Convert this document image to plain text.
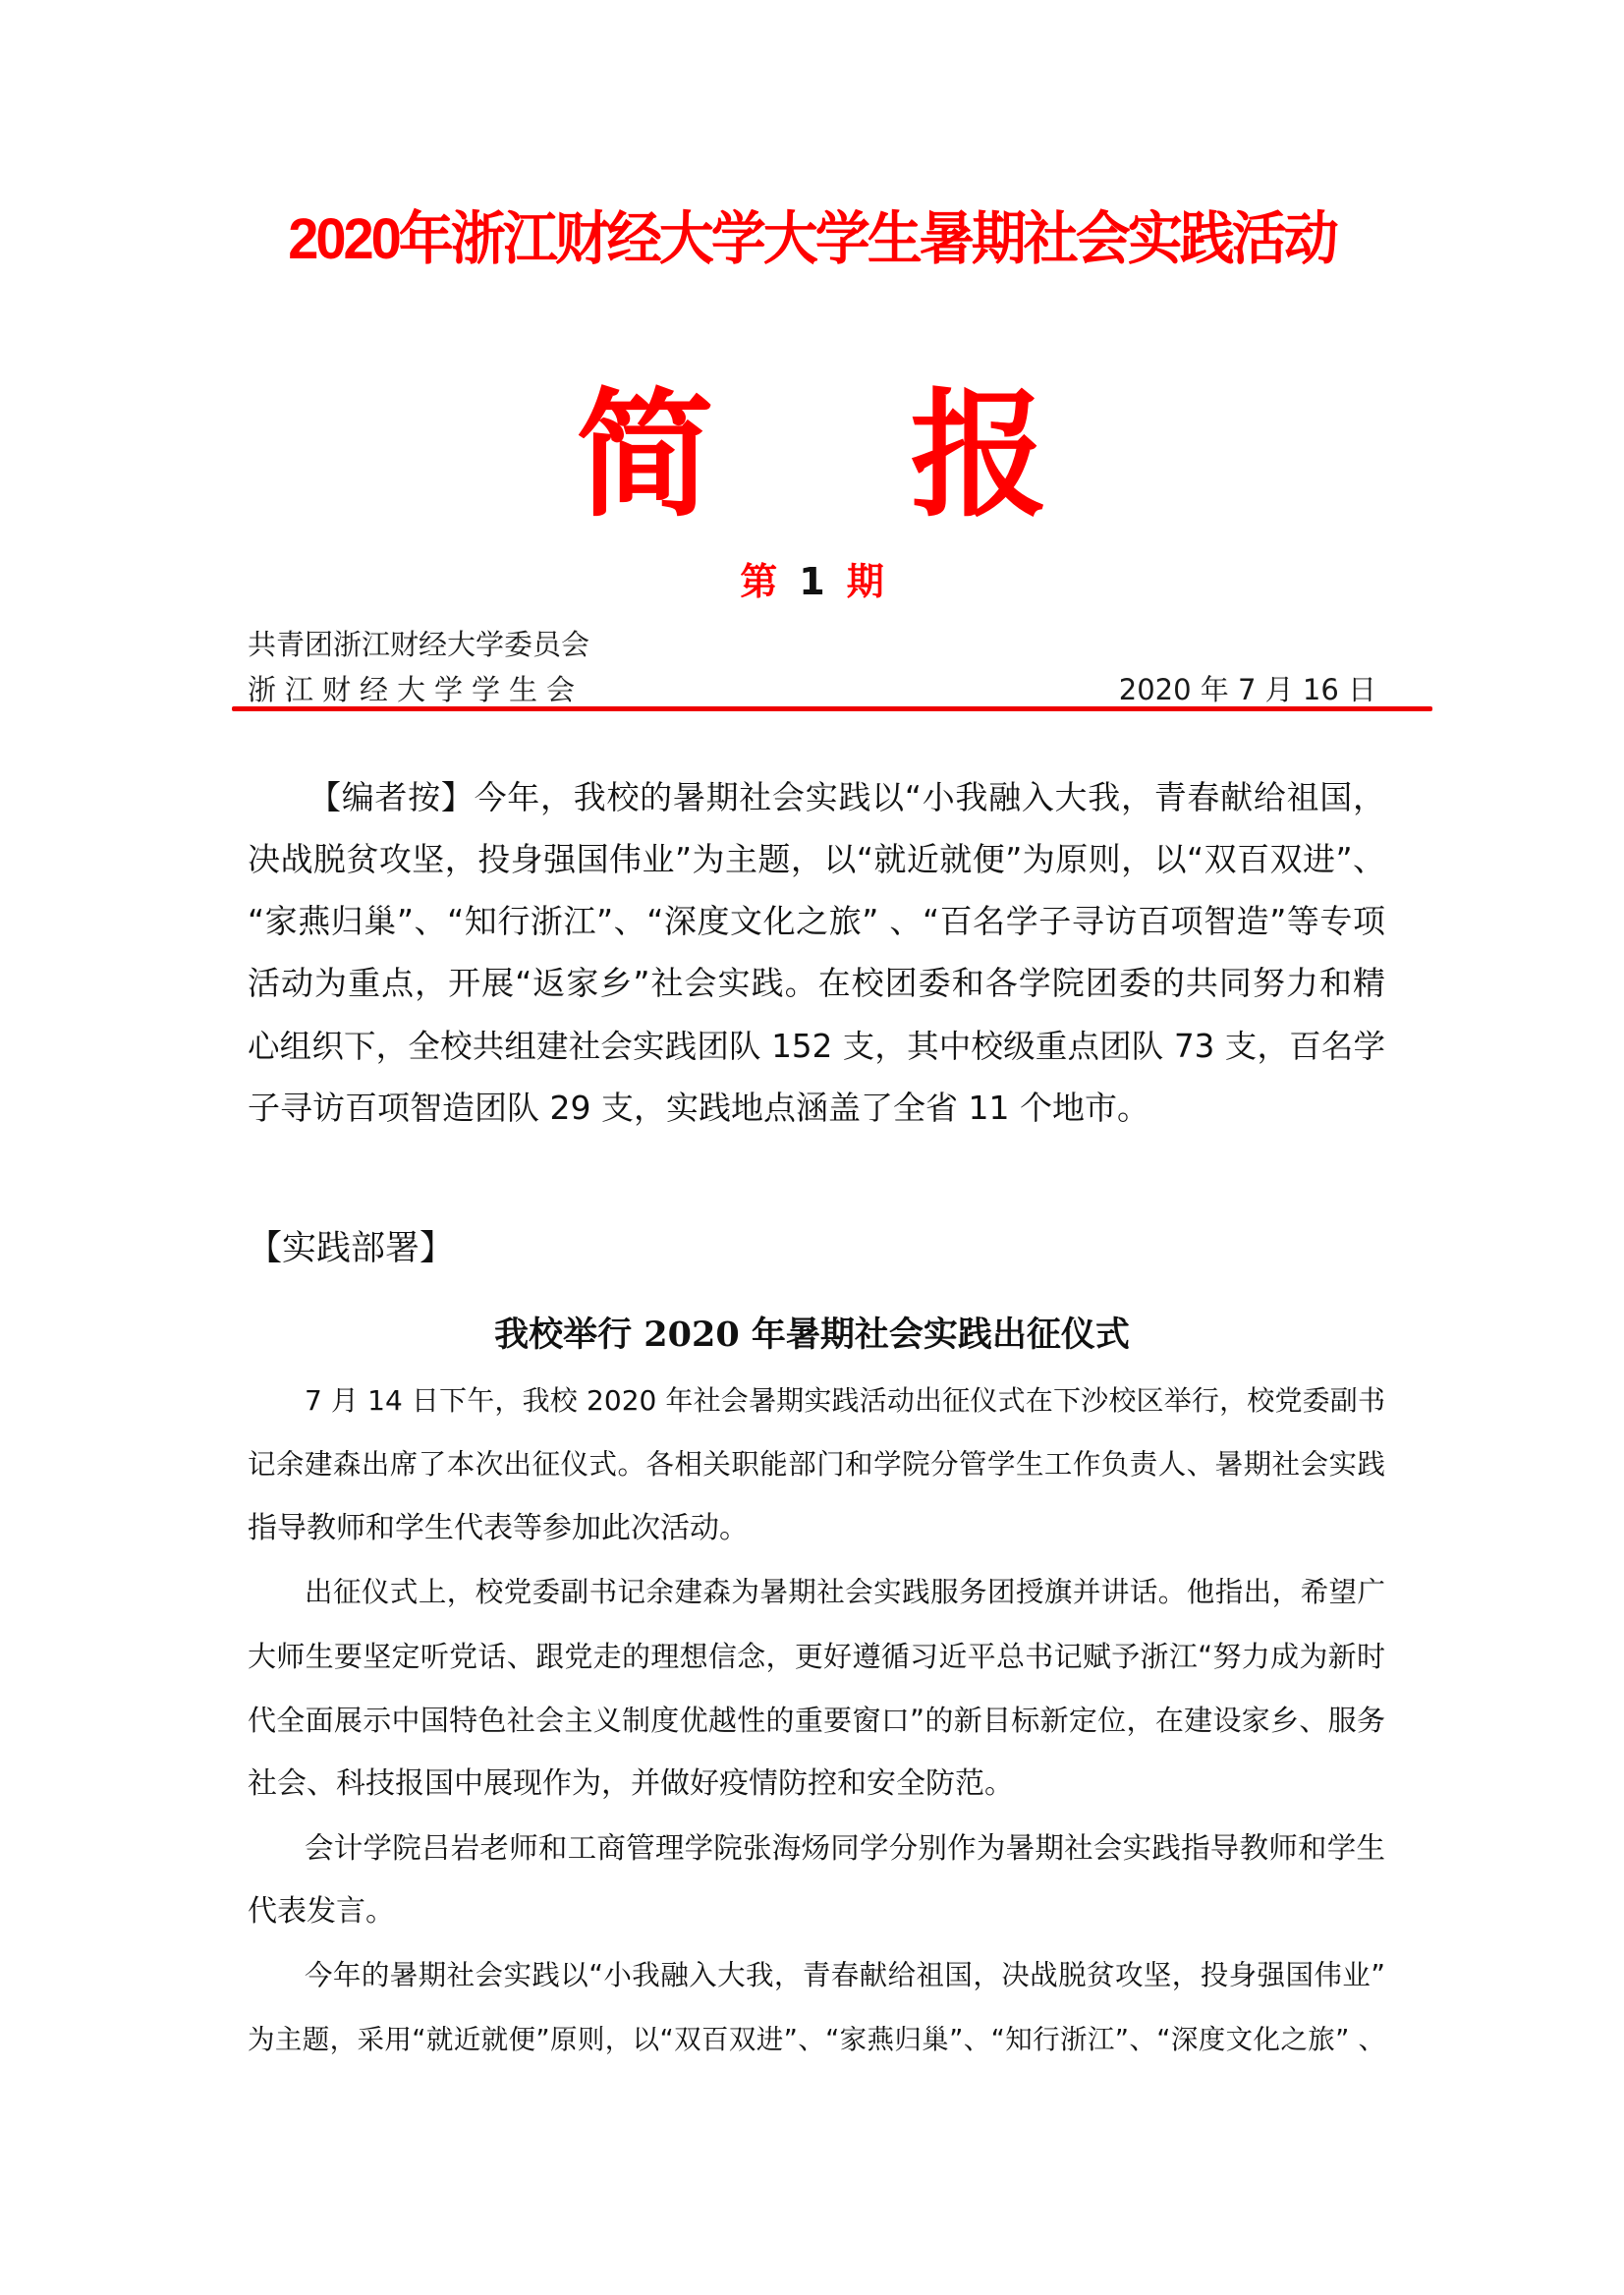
2020年浙江财经大学大学生暑期社会实践活动
简 报
第 1 期
共青团浙江财经大学委员会
浙江财经大学学生会	2020 年 7 月 16 日
【编者按】今年，我校的暑期社会实践以“小我融入大我，青春献给祖国，
决战脱贫攻坚，投身强国伟业”为主题，以“就近就便”为原则，以“双百双进”、
“家燕归巢”、“知行浙江”、“深度文化之旅” 、“百名学子寻访百项智造”等专项
活动为重点，开展“返家乡”社会实践。在校团委和各学院团委的共同努力和精
心组织下，全校共组建社会实践团队 152 支，其中校级重点团队 73 支，百名学
子寻访百项智造团队 29 支，实践地点涵盖了全省 11 个地市。
【实践部署】
我校举行 2020 年暑期社会实践出征仪式
7 月 14 日下午，我校 2020 年社会暑期实践活动出征仪式在下沙校区举行，校党委副书
记余建森出席了本次出征仪式。各相关职能部门和学院分管学生工作负责人、暑期社会实践
指导教师和学生代表等参加此次活动。
出征仪式上，校党委副书记余建森为暑期社会实践服务团授旗并讲话。他指出，希望广
大师生要坚定听党话、跟党走的理想信念，更好遵循习近平总书记赋予浙江“努力成为新时
代全面展示中国特色社会主义制度优越性的重要窗口”的新目标新定位，在建设家乡、服务
社会、科技报国中展现作为，并做好疫情防控和安全防范。
会计学院吕岩老师和工商管理学院张海炀同学分别作为暑期社会实践指导教师和学生
代表发言。
今年的暑期社会实践以“小我融入大我，青春献给祖国，决战脱贫攻坚，投身强国伟业”
为主题，采用“就近就便”原则，以“双百双进”、“家燕归巢”、“知行浙江”、“深度文化之旅” 、
